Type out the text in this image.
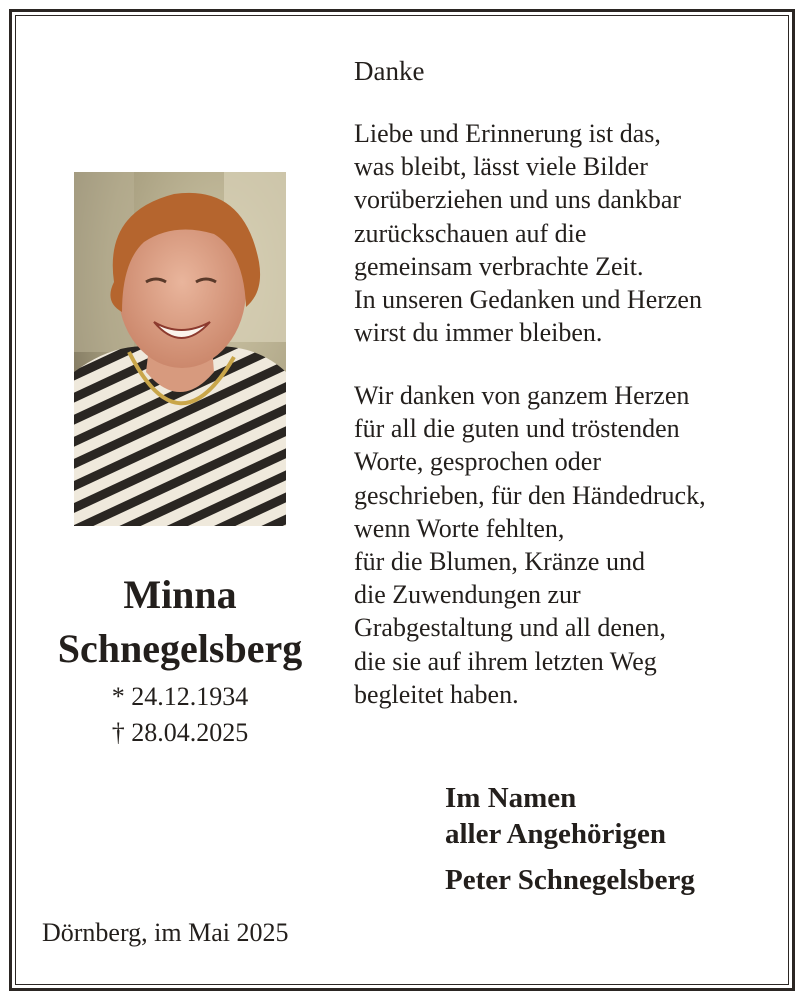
Minna
Schnegelsberg
* 24.12.1934
† 28.04.2025
Dörnberg, im Mai 2025
Danke
Liebe und Erinnerung ist das,
was bleibt, lässt viele Bilder
vorüberziehen und uns dankbar
zurückschauen auf die
gemeinsam verbrachte Zeit.
In unseren Gedanken und Herzen
wirst du immer bleiben.
Wir danken von ganzem Herzen
für all die guten und tröstenden
Worte, gesprochen oder
geschrieben, für den Händedruck,
wenn Worte fehlten,
für die Blumen, Kränze und
die Zuwendungen zur
Grabgestaltung und all denen,
die sie auf ihrem letzten Weg
begleitet haben.
Im Namen
aller Angehörigen
Peter Schnegelsberg
